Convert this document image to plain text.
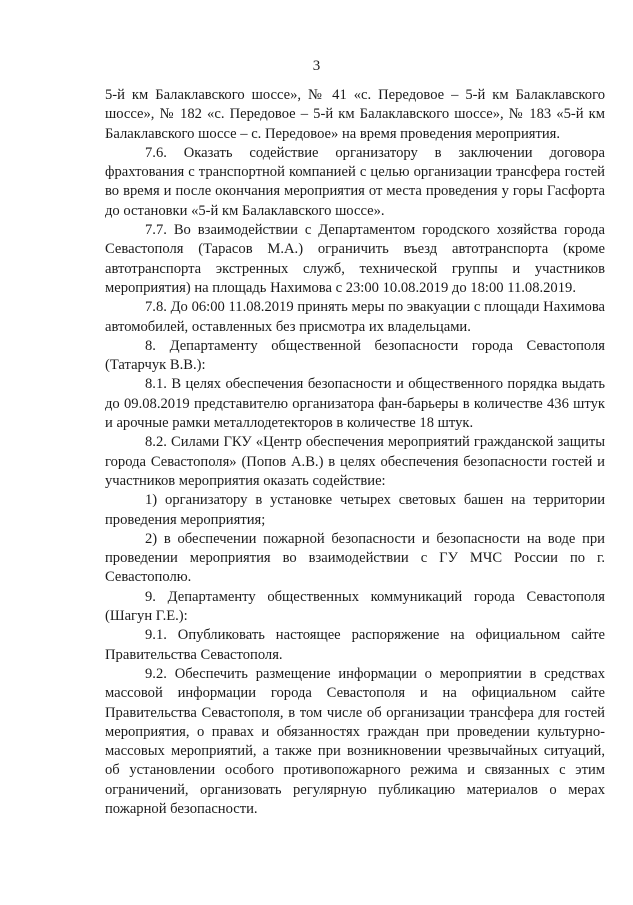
3

5-й км Балаклавского шоссе», № 41 «с. Передовое – 5-й км Балаклавского шоссе», № 182 «с. Передовое – 5-й км Балаклавского шоссе», № 183 «5-й км Балаклавского шоссе – с. Передовое» на время проведения мероприятия.

7.6. Оказать содействие организатору в заключении договора фрахтования с транспортной компанией с целью организации трансфера гостей во время и после окончания мероприятия от места проведения у горы Гасфорта до остановки «5-й км Балаклавского шоссе».

7.7. Во взаимодействии с Департаментом городского хозяйства города Севастополя (Тарасов М.А.) ограничить въезд автотранспорта (кроме автотранспорта экстренных служб, технической группы и участников мероприятия) на площадь Нахимова с 23:00 10.08.2019 до 18:00 11.08.2019.

7.8. До 06:00 11.08.2019 принять меры по эвакуации с площади Нахимова автомобилей, оставленных без присмотра их владельцами.

8. Департаменту общественной безопасности города Севастополя (Татарчук В.В.):

8.1. В целях обеспечения безопасности и общественного порядка выдать до 09.08.2019 представителю организатора фан-барьеры в количестве 436 штук и арочные рамки металлодетекторов в количестве 18 штук.

8.2. Силами ГКУ «Центр обеспечения мероприятий гражданской защиты города Севастополя» (Попов А.В.) в целях обеспечения безопасности гостей и участников мероприятия оказать содействие:

1) организатору в установке четырех световых башен на территории проведения мероприятия;

2) в обеспечении пожарной безопасности и безопасности на воде при проведении мероприятия во взаимодействии с ГУ МЧС России по г. Севастополю.

9. Департаменту общественных коммуникаций города Севастополя (Шагун Г.Е.):

9.1. Опубликовать настоящее распоряжение на официальном сайте Правительства Севастополя.

9.2. Обеспечить размещение информации о мероприятии в средствах массовой информации города Севастополя и на официальном сайте Правительства Севастополя, в том числе об организации трансфера для гостей мероприятия, о правах и обязанностях граждан при проведении культурно-массовых мероприятий, а также при возникновении чрезвычайных ситуаций, об установлении особого противопожарного режима и связанных с этим ограничений, организовать регулярную публикацию материалов о мерах пожарной безопасности.
